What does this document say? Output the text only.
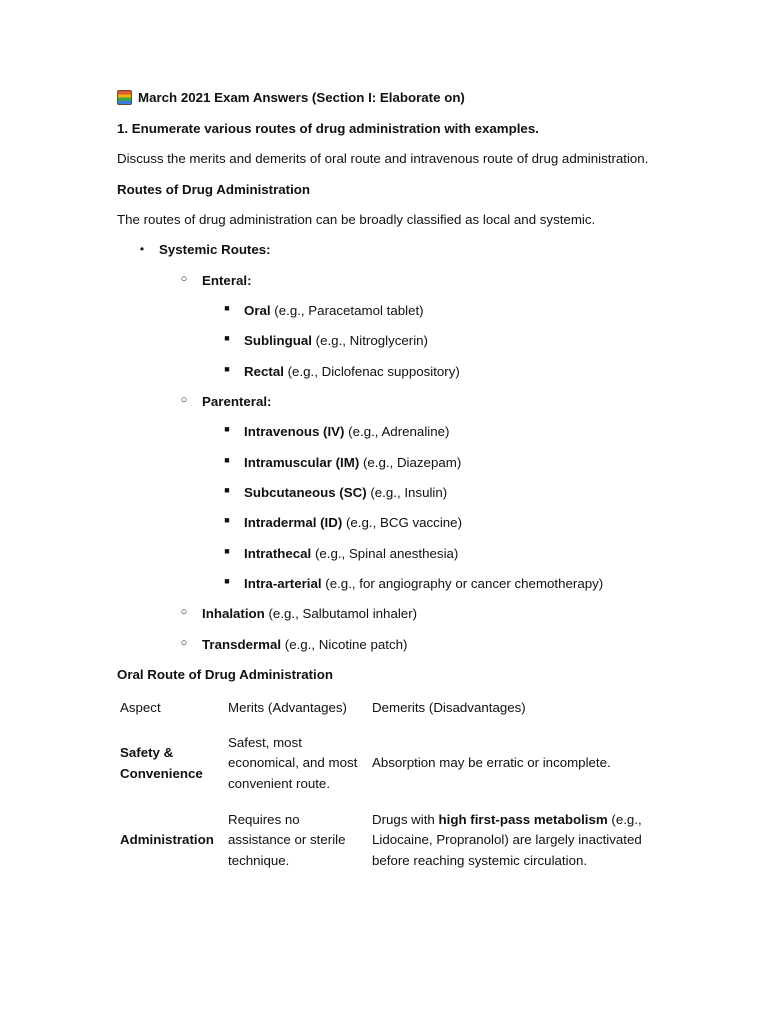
March 2021 Exam Answers (Section I: Elaborate on)
1. Enumerate various routes of drug administration with examples.
Discuss the merits and demerits of oral route and intravenous route of drug administration.
Routes of Drug Administration
The routes of drug administration can be broadly classified as local and systemic.
• Systemic Routes:
○ Enteral:
■ Oral (e.g., Paracetamol tablet)
■ Sublingual (e.g., Nitroglycerin)
■ Rectal (e.g., Diclofenac suppository)
○ Parenteral:
■ Intravenous (IV) (e.g., Adrenaline)
■ Intramuscular (IM) (e.g., Diazepam)
■ Subcutaneous (SC) (e.g., Insulin)
■ Intradermal (ID) (e.g., BCG vaccine)
■ Intrathecal (e.g., Spinal anesthesia)
■ Intra-arterial (e.g., for angiography or cancer chemotherapy)
○ Inhalation (e.g., Salbutamol inhaler)
○ Transdermal (e.g., Nicotine patch)
Oral Route of Drug Administration
Aspect	Merits (Advantages)	Demerits (Disadvantages)
Safety & Convenience	Safest, most economical, and most convenient route.	Absorption may be erratic or incomplete.
Administration	Requires no assistance or sterile technique.	Drugs with high first-pass metabolism (e.g., Lidocaine, Propranolol) are largely inactivated before reaching systemic circulation.
